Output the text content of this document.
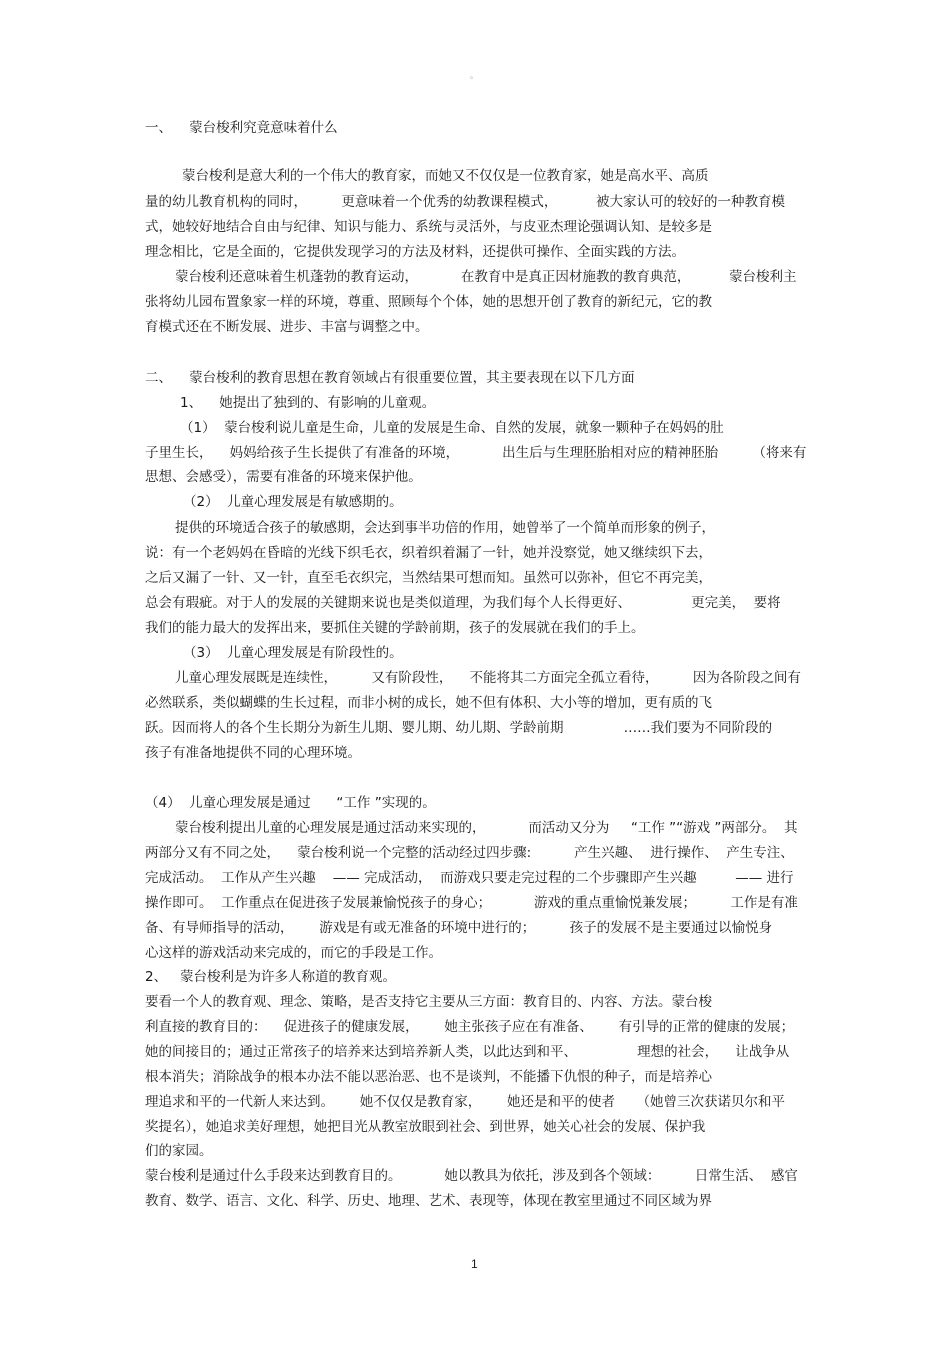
。
一、    蒙台梭利究竟意味着什么
蒙台梭利是意大利的一个伟大的教育家，而她又不仅仅是一位教育家，她是高水平、高质
量的幼儿教育机构的同时，        更意味着一个优秀的幼教课程模式，         被大家认可的较好的一种教育模
式，她较好地结合自由与纪律、知识与能力、系统与灵活外，与皮亚杰理论强调认知、是较多是
理念相比，它是全面的，它提供发现学习的方法及材料，还提供可操作、全面实践的方法。
蒙台梭利还意味着生机蓬勃的教育运动，          在教育中是真正因材施教的教育典范，         蒙台梭利主
张将幼儿园布置象家一样的环境，尊重、照顾每个个体，她的思想开创了教育的新纪元，它的教
育模式还在不断发展、进步、丰富与调整之中。
二、    蒙台梭利的教育思想在教育领域占有很重要位置，其主要表现在以下几方面
1、    她提出了独到的、有影响的儿童观。
（1）  蒙台梭利说儿童是生命，儿童的发展是生命、自然的发展，就象一颗种子在妈妈的肚
子里生长，    妈妈给孩子生长提供了有准备的环境，          出生后与生理胚胎相对应的精神胚胎        （将来有
思想、会感受），需要有准备的环境来保护他。
（2）  儿童心理发展是有敏感期的。
提供的环境适合孩子的敏感期，会达到事半功倍的作用，她曾举了一个简单而形象的例子，
说：有一个老妈妈在昏暗的光线下织毛衣，织着织着漏了一针，她并没察觉，她又继续织下去，
之后又漏了一针、又一针，直至毛衣织完，当然结果可想而知。虽然可以弥补，但它不再完美，
总会有瑕疵。对于人的发展的关键期来说也是类似道理，为我们每个人长得更好、              更完美，  要将
我们的能力最大的发挥出来，要抓住关键的学龄前期，孩子的发展就在我们的手上。
（3）  儿童心理发展是有阶段性的。
儿童心理发展既是连续性，        又有阶段性，    不能将其二方面完全孤立看待，        因为各阶段之间有
必然联系，类似蝴蝶的生长过程，而非小树的成长，她不但有体积、大小等的增加，更有质的飞
跃。因而将人的各个生长期分为新生儿期、婴儿期、幼儿期、学龄前期              ……我们要为不同阶段的
孩子有准备地提供不同的心理环境。
（4）  儿童心理发展是通过      “工作 ”实现的。
蒙台梭利提出儿童的心理发展是通过活动来实现的，          而活动又分为     “工作 ”“游戏 ”两部分。  其
两部分又有不同之处，    蒙台梭利说一个完整的活动经过四步骤:          产生兴趣、  进行操作、  产生专注、
完成活动。  工作从产生兴趣    —— 完成活动，  而游戏只要走完过程的二个步骤即产生兴趣         —— 进行
操作即可。  工作重点在促进孩子发展兼愉悦孩子的身心；          游戏的重点重愉悦兼发展；        工作是有准
备、有导师指导的活动，      游戏是有或无准备的环境中进行的；        孩子的发展不是主要通过以愉悦身
心这样的游戏活动来完成的，而它的手段是工作。
2、   蒙台梭利是为许多人称道的教育观。
要看一个人的教育观、理念、策略，是否支持它主要从三方面：教育目的、内容、方法。蒙台梭
利直接的教育目的：    促进孩子的健康发展，      她主张孩子应在有准备、      有引导的正常的健康的发展；
她的间接目的；通过正常孩子的培养来达到培养新人类，以此达到和平、              理想的社会，    让战争从
根本消失；消除战争的根本办法不能以恶治恶、也不是谈判，不能播下仇恨的种子，而是培养心
理追求和平的一代新人来达到。      她不仅仅是教育家，      她还是和平的使者     （她曾三次获诺贝尔和平
奖提名），她追求美好理想，她把目光从教室放眼到社会、到世界，她关心社会的发展、保护我
们的家园。
蒙台梭利是通过什么手段来达到教育目的。          她以教具为依托，涉及到各个领域：        日常生活、  感官
教育、数学、语言、文化、科学、历史、地理、艺术、表现等，体现在教室里通过不同区域为界
1
